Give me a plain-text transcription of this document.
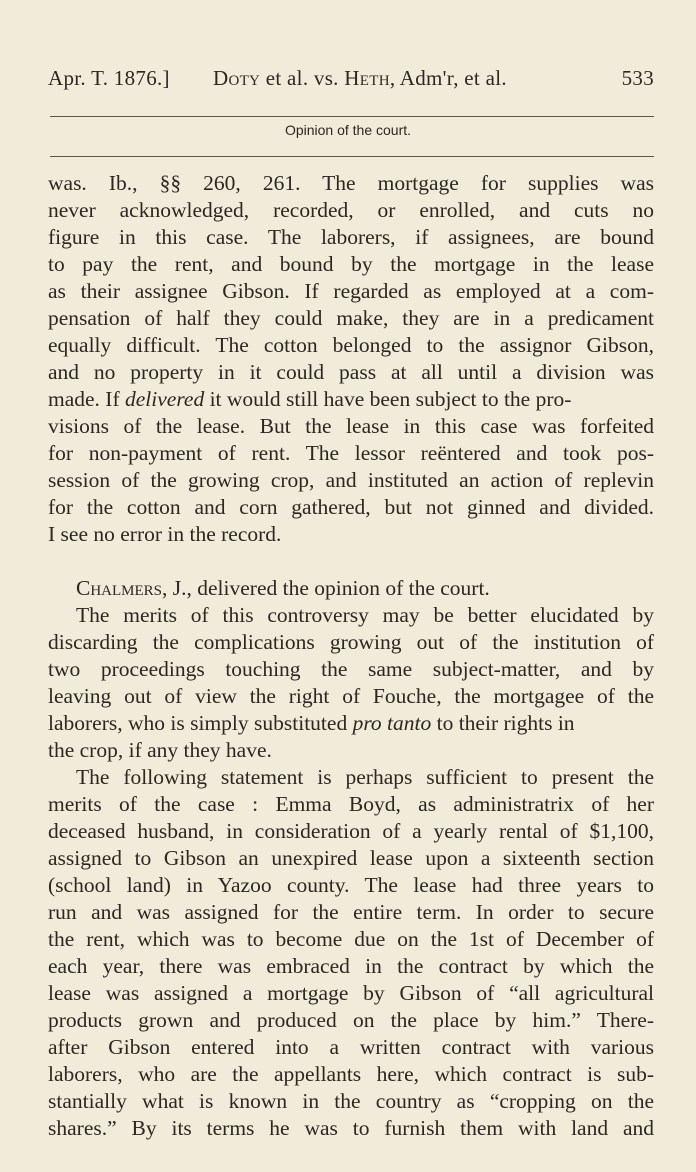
Apr. T. 1876.] Doty et al. vs. Heth, Adm'r, et al.	533
Opinion of the court.
was. Ib., §§ 260, 261. The mortgage for supplies was
never acknowledged, recorded, or enrolled, and cuts no
figure in this case. The laborers, if assignees, are bound
to pay the rent, and bound by the mortgage in the lease
as their assignee Gibson. If regarded as employed at a com-
pensation of half they could make, they are in a predicament
equally difficult. The cotton belonged to the assignor Gibson,
and no property in it could pass at all until a division was
made. If delivered it would still have been subject to the pro-
visions of the lease. But the lease in this case was forfeited
for non-payment of rent. The lessor reëntered and took pos-
session of the growing crop, and instituted an action of replevin
for the cotton and corn gathered, but not ginned and divided.
I see no error in the record.
Chalmers, J., delivered the opinion of the court.
The merits of this controversy may be better elucidated by
discarding the complications growing out of the institution of
two proceedings touching the same subject-matter, and by
leaving out of view the right of Fouche, the mortgagee of the
laborers, who is simply substituted pro tanto to their rights in
the crop, if any they have.
The following statement is perhaps sufficient to present the
merits of the case : Emma Boyd, as administratrix of her
deceased husband, in consideration of a yearly rental of $1,100,
assigned to Gibson an unexpired lease upon a sixteenth section
(school land) in Yazoo county. The lease had three years to
run and was assigned for the entire term. In order to secure
the rent, which was to become due on the 1st of December of
each year, there was embraced in the contract by which the
lease was assigned a mortgage by Gibson of “all agricultural
products grown and produced on the place by him.” There-
after Gibson entered into a written contract with various
laborers, who are the appellants here, which contract is sub-
stantially what is known in the country as “cropping on the
shares.” By its terms he was to furnish them with land and
